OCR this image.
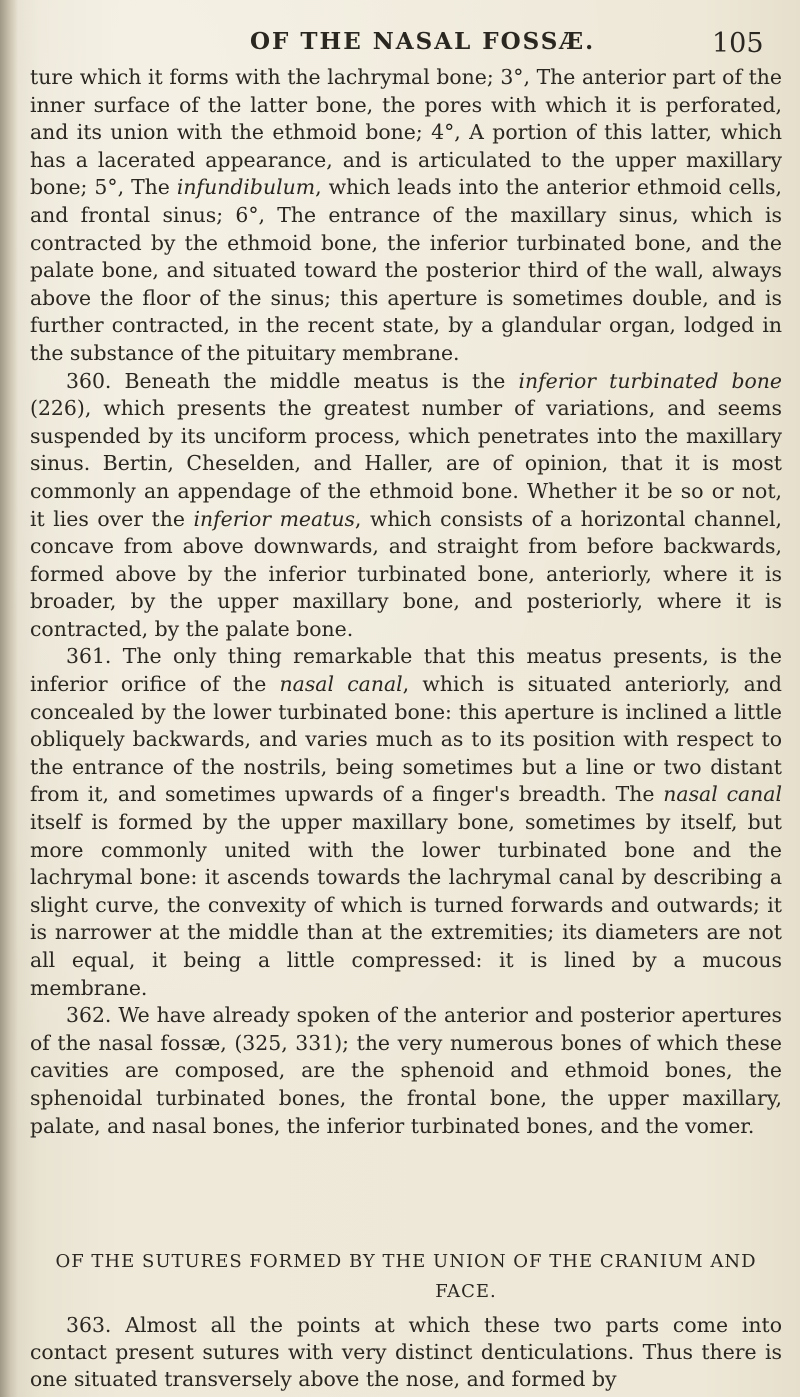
OF THE NASAL FOSSÆ.	105

ture which it forms with the lachrymal bone; 3°, The anterior part of the inner surface of the latter bone, the pores with which it is perforated, and its union with the ethmoid bone; 4°, A portion of this latter, which has a lacerated appearance, and is articulated to the upper maxillary bone; 5°, The infundibulum, which leads into the anterior ethmoid cells, and frontal sinus; 6°, The entrance of the maxillary sinus, which is contracted by the ethmoid bone, the inferior turbinated bone, and the palate bone, and situated toward the posterior third of the wall, always above the floor of the sinus; this aperture is sometimes double, and is further contracted, in the recent state, by a glandular organ, lodged in the substance of the pituitary membrane.

360. Beneath the middle meatus is the inferior turbinated bone (226), which presents the greatest number of variations, and seems suspended by its unciform process, which penetrates into the maxillary sinus. Bertin, Cheselden, and Haller, are of opinion, that it is most commonly an appendage of the ethmoid bone. Whether it be so or not, it lies over the inferior meatus, which consists of a horizontal channel, concave from above downwards, and straight from before backwards, formed above by the inferior turbinated bone, anteriorly, where it is broader, by the upper maxillary bone, and posteriorly, where it is contracted, by the palate bone.

361. The only thing remarkable that this meatus presents, is the inferior orifice of the nasal canal, which is situated anteriorly, and concealed by the lower turbinated bone: this aperture is inclined a little obliquely backwards, and varies much as to its position with respect to the entrance of the nostrils, being sometimes but a line or two distant from it, and sometimes upwards of a finger's breadth. The nasal canal itself is formed by the upper maxillary bone, sometimes by itself, but more commonly united with the lower turbinated bone and the lachrymal bone: it ascends towards the lachrymal canal by describing a slight curve, the convexity of which is turned forwards and outwards; it is narrower at the middle than at the extremities; its diameters are not all equal, it being a little compressed: it is lined by a mucous membrane.

362. We have already spoken of the anterior and posterior apertures of the nasal fossæ, (325, 331); the very numerous bones of which these cavities are composed, are the sphenoid and ethmoid bones, the sphenoidal turbinated bones, the frontal bone, the upper maxillary, palate, and nasal bones, the inferior turbinated bones, and the vomer.

OF THE SUTURES FORMED BY THE UNION OF THE CRANIUM AND
FACE.

363. Almost all the points at which these two parts come into contact present sutures with very distinct denticulations. Thus there is one situated transversely above the nose, and formed by
